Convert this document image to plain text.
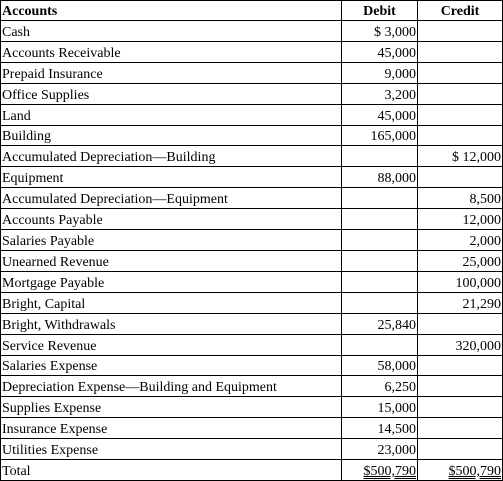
Accounts	Debit	Credit
Cash	$ 3,000	
Accounts Receivable	45,000	
Prepaid Insurance	9,000	
Office Supplies	3,200	
Land	45,000	
Building	165,000	
Accumulated Depreciation—Building		$ 12,000
Equipment	88,000	
Accumulated Depreciation—Equipment		8,500
Accounts Payable		12,000
Salaries Payable		2,000
Unearned Revenue		25,000
Mortgage Payable		100,000
Bright, Capital		21,290
Bright, Withdrawals	25,840	
Service Revenue		320,000
Salaries Expense	58,000	
Depreciation Expense—Building and Equipment	6,250	
Supplies Expense	15,000	
Insurance Expense	14,500	
Utilities Expense	23,000	
Total	$500,790	$500,790
